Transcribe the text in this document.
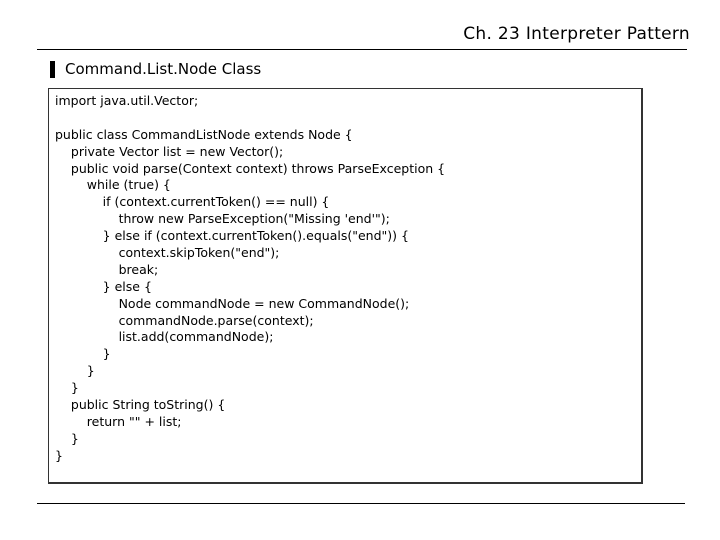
Ch. 23 Interpreter Pattern
Command.List.Node Class
import java.util.Vector;
public class CommandListNode extends Node {
private Vector list = new Vector();
public void parse(Context context) throws ParseException {
while (true) {
if (context.currentToken() == null) {
throw new ParseException("Missing 'end'");
} else if (context.currentToken().equals("end")) {
context.skipToken("end");
break;
} else {
Node commandNode = new CommandNode();
commandNode.parse(context);
list.add(commandNode);
}
}
}
public String toString() {
return "" + list;
}
}
